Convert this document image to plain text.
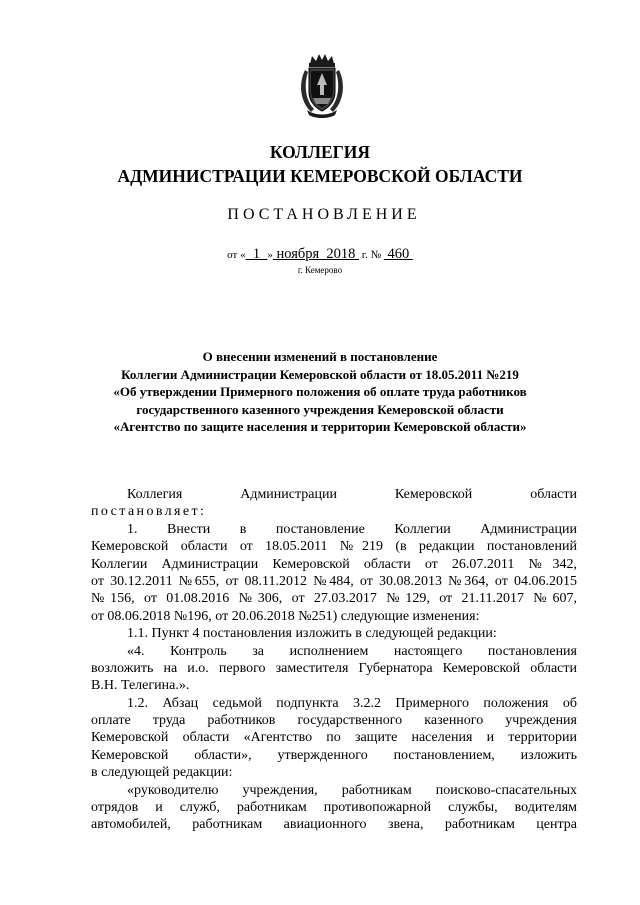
КОЛЛЕГИЯ
АДМИНИСТРАЦИИ КЕМЕРОВСКОЙ ОБЛАСТИ
ПОСТАНОВЛЕНИЕ
от «  1  » ноября  2018  г. №  460
г. Кемерово
О внесении изменений в постановление
Коллегии Администрации Кемеровской области от 18.05.2011 №219
«Об утверждении Примерного положения об оплате труда работников
государственного казенного учреждения Кемеровской области
«Агентство по защите населения и территории Кемеровской области»
Коллегия Администрации Кемеровской области
постановляет:
1. Внести в постановление Коллегии Администрации
Кемеровской области от 18.05.2011 №219 (в редакции постановлений
Коллегии Администрации Кемеровской области от 26.07.2011 №342,
от 30.12.2011 №655, от 08.11.2012 №484, от 30.08.2013 №364, от 04.06.2015
№156, от 01.08.2016 №306, от 27.03.2017 №129, от 21.11.2017 №607,
от 08.06.2018 №196, от 20.06.2018 №251) следующие изменения:
1.1. Пункт 4 постановления изложить в следующей редакции:
«4. Контроль за исполнением настоящего постановления
возложить на и.о. первого заместителя Губернатора Кемеровской области
В.Н. Телегина.».
1.2. Абзац седьмой подпункта 3.2.2 Примерного положения об
оплате труда работников государственного казенного учреждения
Кемеровской области «Агентство по защите населения и территории
Кемеровской области», утвержденного постановлением, изложить
в следующей редакции:
«руководителю учреждения, работникам поисково-спасательных
отрядов и служб, работникам противопожарной службы, водителям
автомобилей, работникам авиационного звена, работникам центра
